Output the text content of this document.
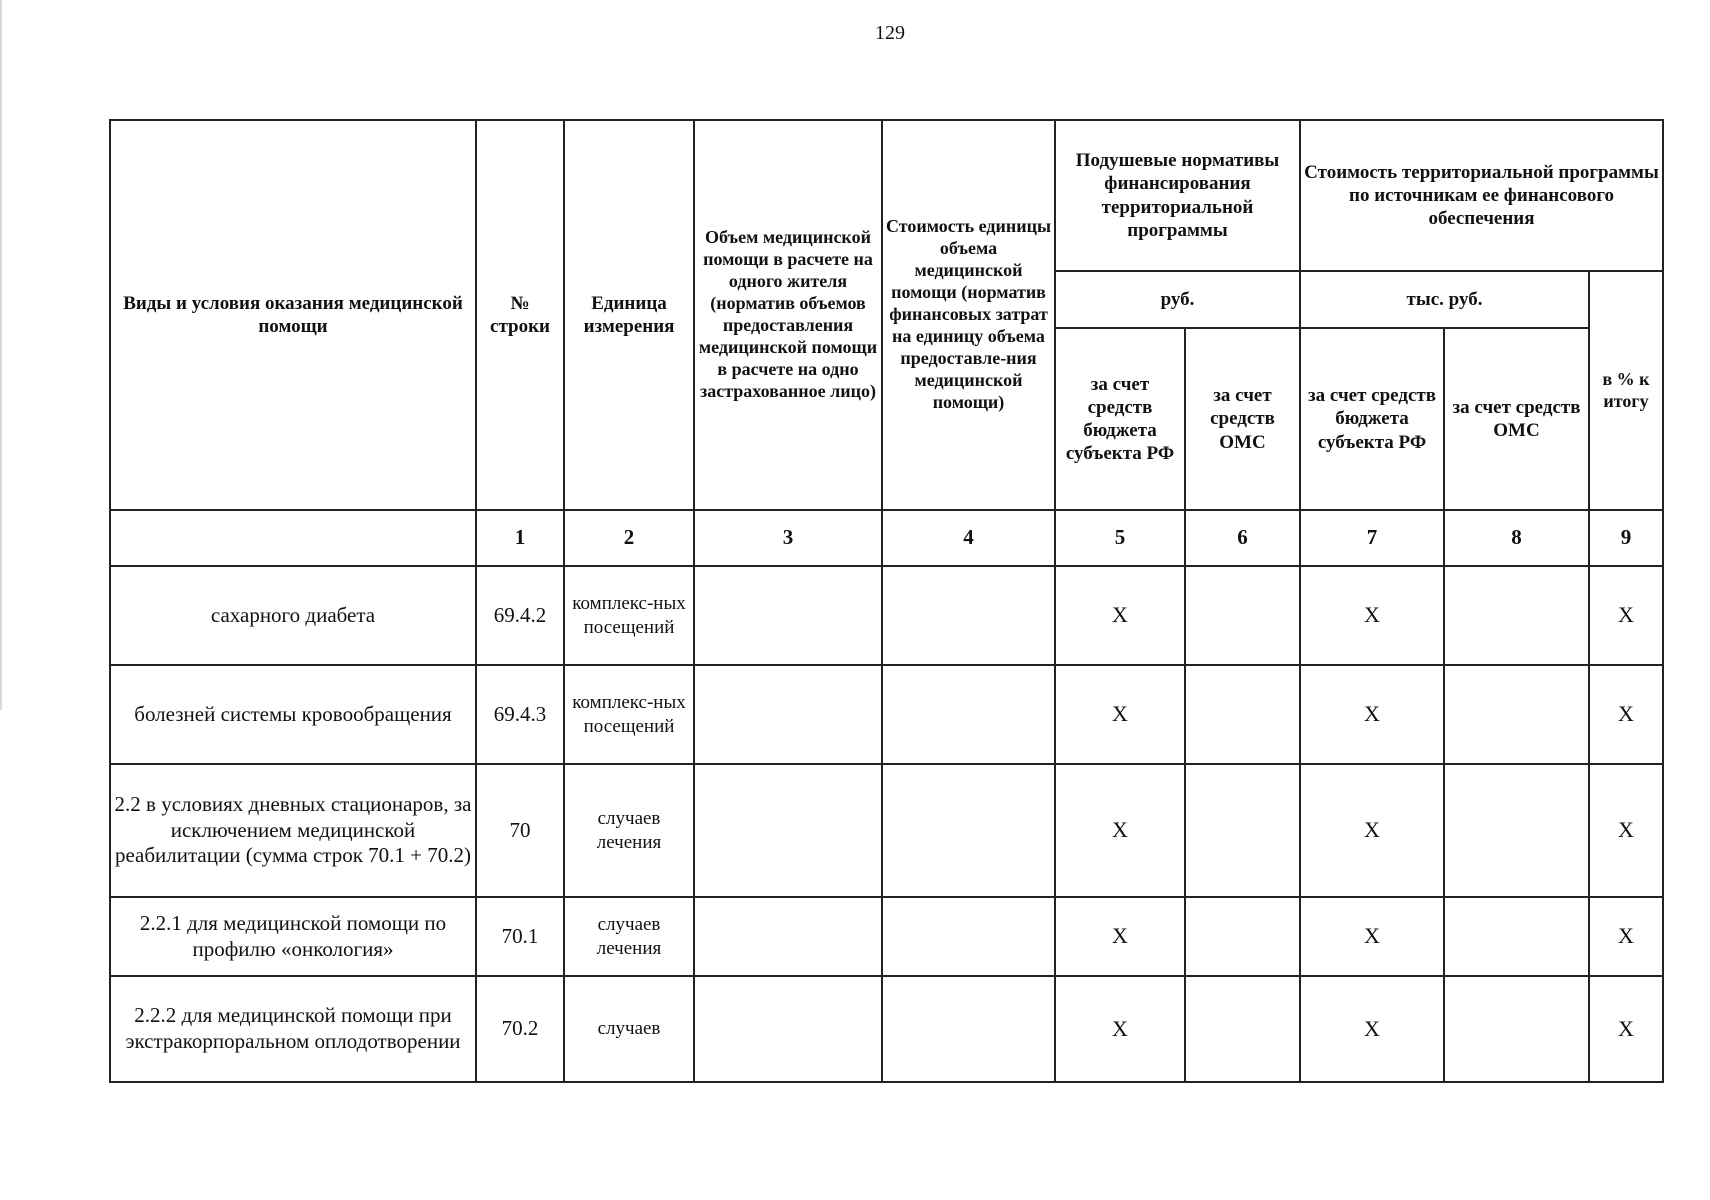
129
Виды и условия оказания медицинской помощи	№ строки	Единица измерения	Объем медицинской помощи в расчете на одного жителя (норматив объемов предоставления медицинской помощи в расчете на одно застрахованное лицо)	Стоимость единицы объема медицинской помощи (норматив финансовых затрат на единицу объема предоставле-ния медицинской помощи)	Подушевые нормативы финансирования территориальной программы		Стоимость территориальной программы по источникам ее финансового обеспечения		
					руб.		тыс. руб.		в % к итогу
					за счет средств бюджета субъекта РФ	за счет средств ОМС	за счет средств бюджета субъекта РФ	за счет средств ОМС	
	1	2	3	4	5	6	7	8	9
сахарного диабета	69.4.2	комплекс-ных посещений			X		X		X
болезней системы кровообращения	69.4.3	комплекс-ных посещений			X		X		X
2.2 в условиях дневных стационаров, за исключением медицинской реабилитации (сумма строк 70.1 + 70.2)	70	случаев лечения			X		X		X
2.2.1 для медицинской помощи по профилю «онкология»	70.1	случаев лечения			X		X		X
2.2.2 для медицинской помощи при экстракорпоральном оплодотворении	70.2	случаев			X		X		X
